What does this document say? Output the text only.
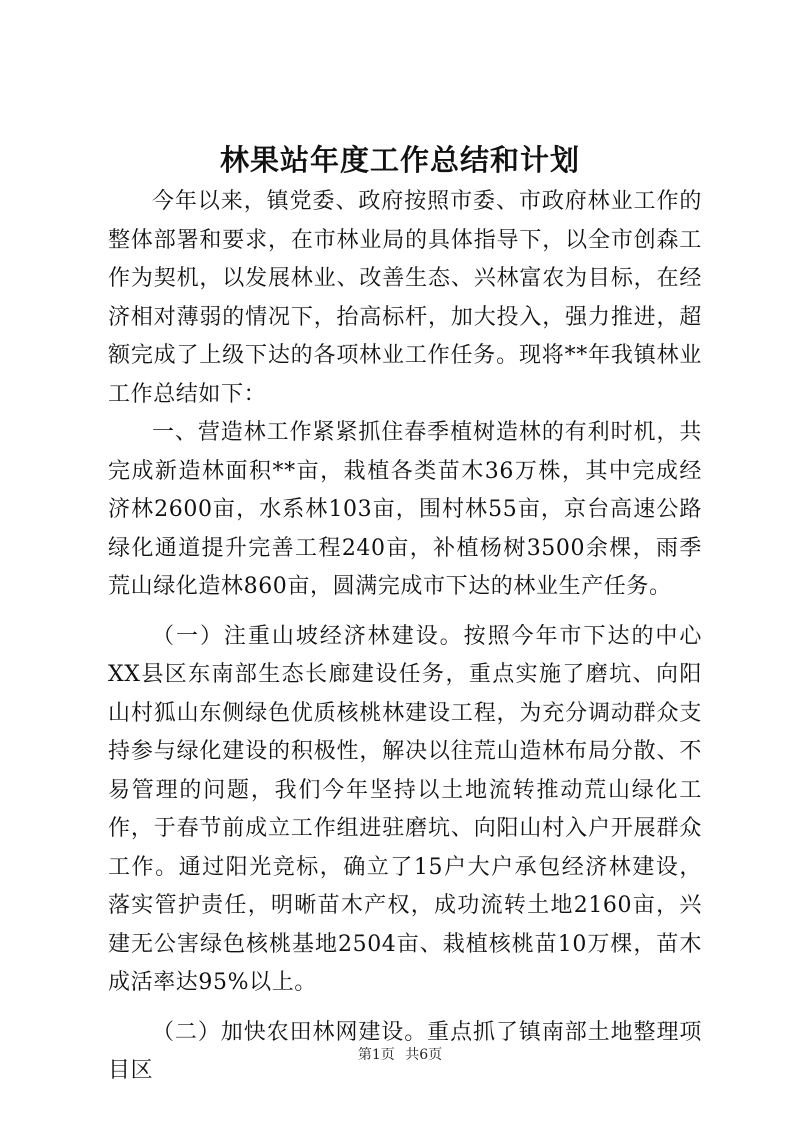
林果站年度工作总结和计划

今年以来，镇党委、政府按照市委、市政府林业工作的整体部署和要求，在市林业局的具体指导下，以全市创森工作为契机，以发展林业、改善生态、兴林富农为目标，在经济相对薄弱的情况下，抬高标杆，加大投入，强力推进，超额完成了上级下达的各项林业工作任务。现将**年我镇林业工作总结如下：

一、营造林工作紧紧抓住春季植树造林的有利时机，共完成新造林面积**亩，栽植各类苗木36万株，其中完成经济林2600亩，水系林103亩，围村林55亩，京台高速公路绿化通道提升完善工程240亩，补植杨树3500余棵，雨季荒山绿化造林860亩，圆满完成市下达的林业生产任务。

（一）注重山坡经济林建设。按照今年市下达的中心XX县区东南部生态长廊建设任务，重点实施了磨坑、向阳山村狐山东侧绿色优质核桃林建设工程，为充分调动群众支持参与绿化建设的积极性，解决以往荒山造林布局分散、不易管理的问题，我们今年坚持以土地流转推动荒山绿化工作，于春节前成立工作组进驻磨坑、向阳山村入户开展群众工作。通过阳光竞标，确立了15户大户承包经济林建设，落实管护责任，明晰苗木产权，成功流转土地2160亩，兴建无公害绿色核桃基地2504亩、栽植核桃苗10万棵，苗木成活率达95%以上。

（二）加快农田林网建设。重点抓了镇南部土地整理项目区

第1页 共6页
